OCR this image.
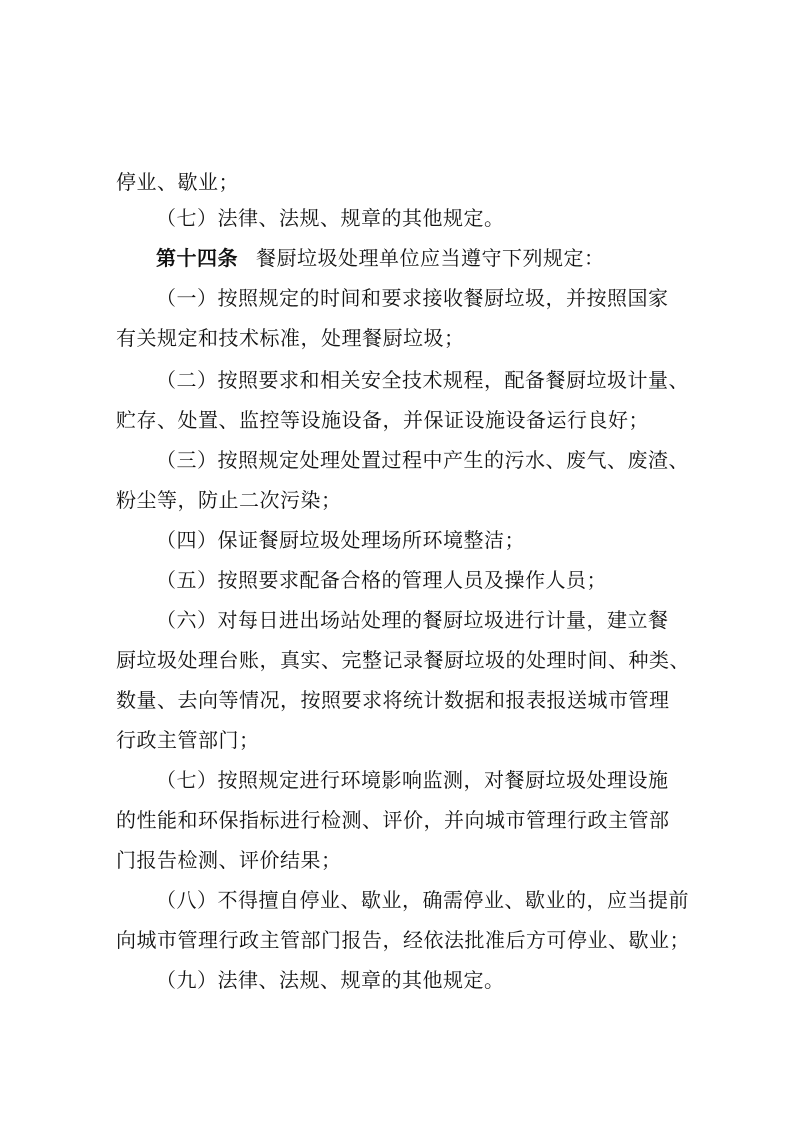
停业、歇业；
（七）法律、法规、规章的其他规定。
第十四条 餐厨垃圾处理单位应当遵守下列规定：
（一）按照规定的时间和要求接收餐厨垃圾，并按照国家
有关规定和技术标准，处理餐厨垃圾；
（二）按照要求和相关安全技术规程，配备餐厨垃圾计量、
贮存、处置、监控等设施设备，并保证设施设备运行良好；
（三）按照规定处理处置过程中产生的污水、废气、废渣、
粉尘等，防止二次污染；
（四）保证餐厨垃圾处理场所环境整洁；
（五）按照要求配备合格的管理人员及操作人员；
（六）对每日进出场站处理的餐厨垃圾进行计量，建立餐
厨垃圾处理台账，真实、完整记录餐厨垃圾的处理时间、种类、
数量、去向等情况，按照要求将统计数据和报表报送城市管理
行政主管部门；
（七）按照规定进行环境影响监测，对餐厨垃圾处理设施
的性能和环保指标进行检测、评价，并向城市管理行政主管部
门报告检测、评价结果；
（八）不得擅自停业、歇业，确需停业、歇业的，应当提前
向城市管理行政主管部门报告，经依法批准后方可停业、歇业；
（九）法律、法规、规章的其他规定。
